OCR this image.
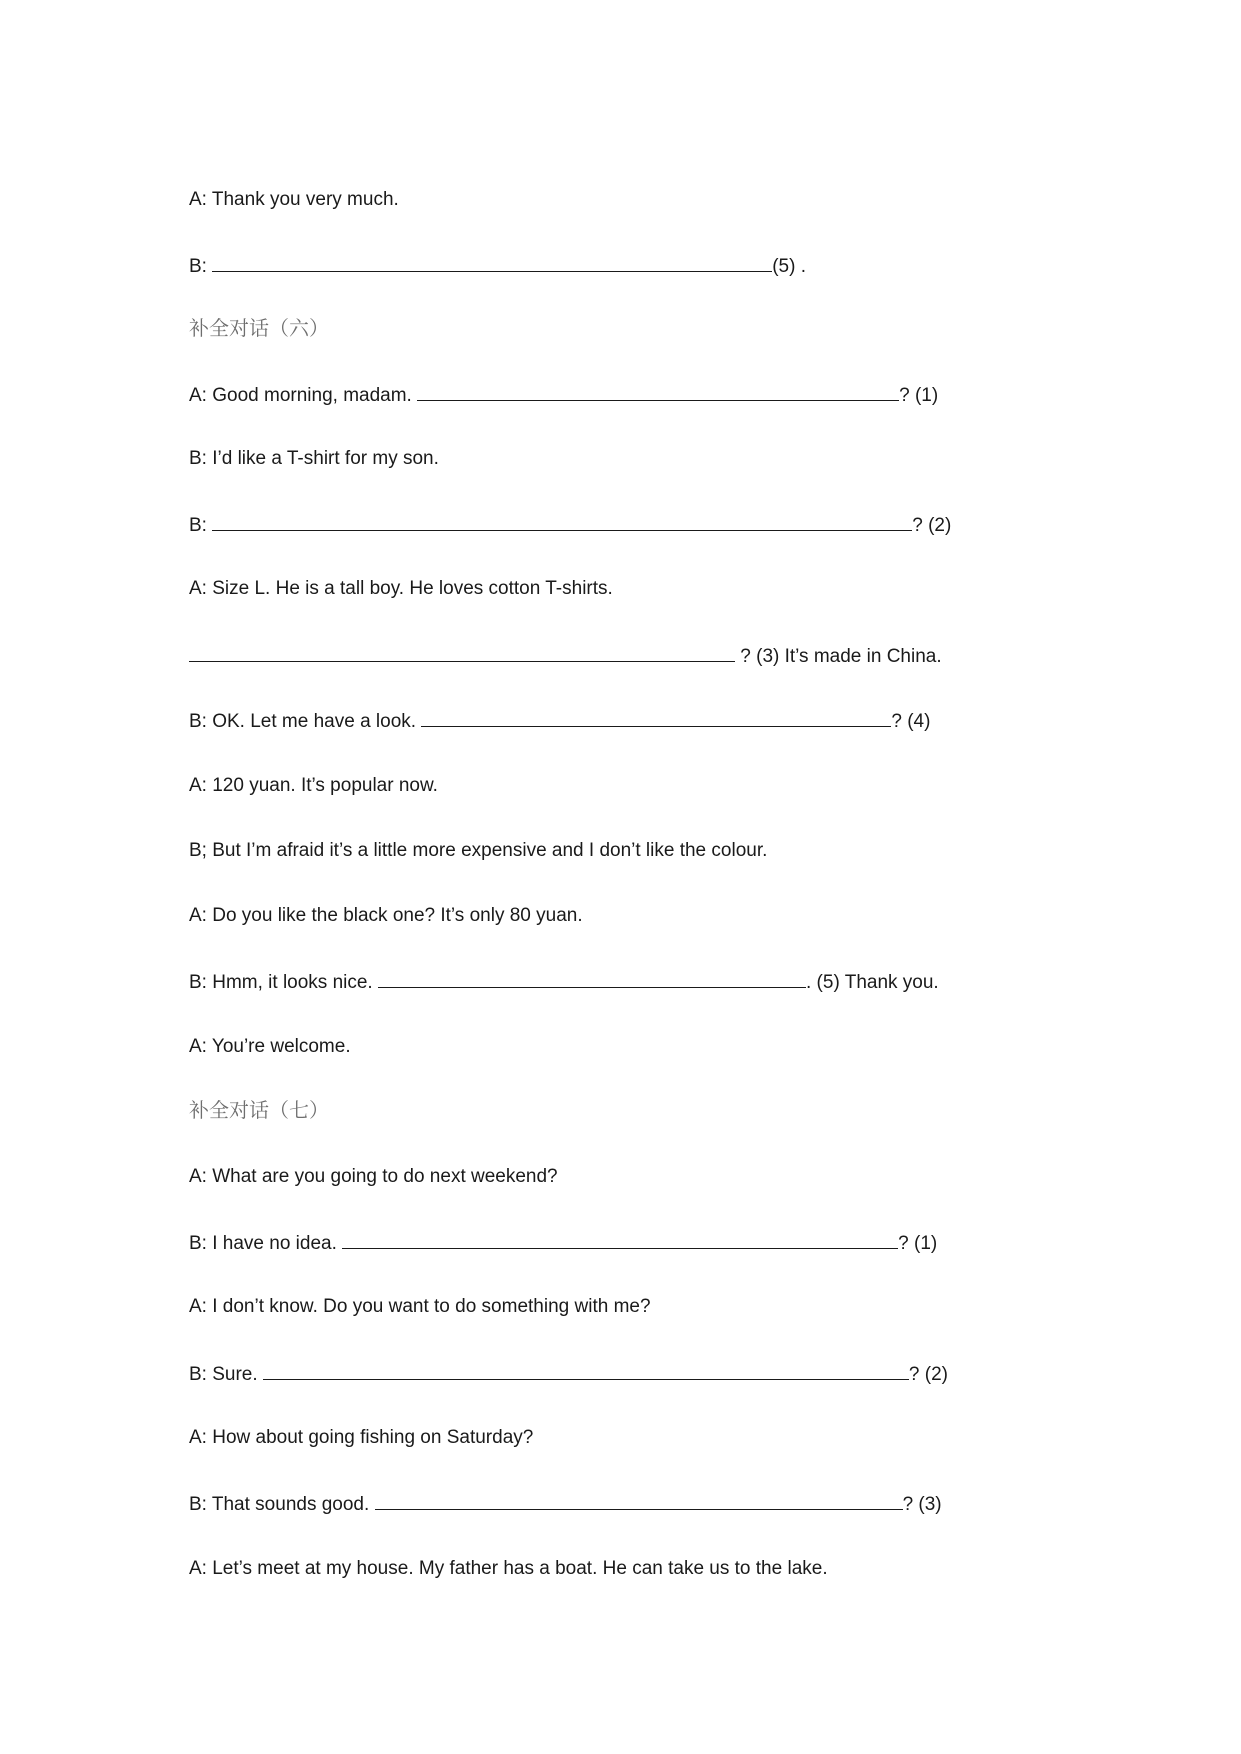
A: Thank you very much.
B:	(5) .
补全对话（六）
A: Good morning, madam.	? (1)
B: I’d like a T-shirt for my son.
B:	? (2)
A: Size L. He is a tall boy. He loves cotton T-shirts.
? (3) It’s made in China.
B: OK. Let me have a look.	? (4)
A: 120 yuan. It’s popular now.
B; But I’m afraid it’s a little more expensive and I don’t like the colour.
A: Do you like the black one? It’s only 80 yuan.
B: Hmm, it looks nice.	. (5) Thank you.
A: You’re welcome.
补全对话（七）
A: What are you going to do next weekend?
B: I have no idea.	? (1)
A: I don’t know. Do you want to do something with me?
B: Sure.	? (2)
A: How about going fishing on Saturday?
B: That sounds good.	? (3)
A: Let’s meet at my house. My father has a boat. He can take us to the lake.
